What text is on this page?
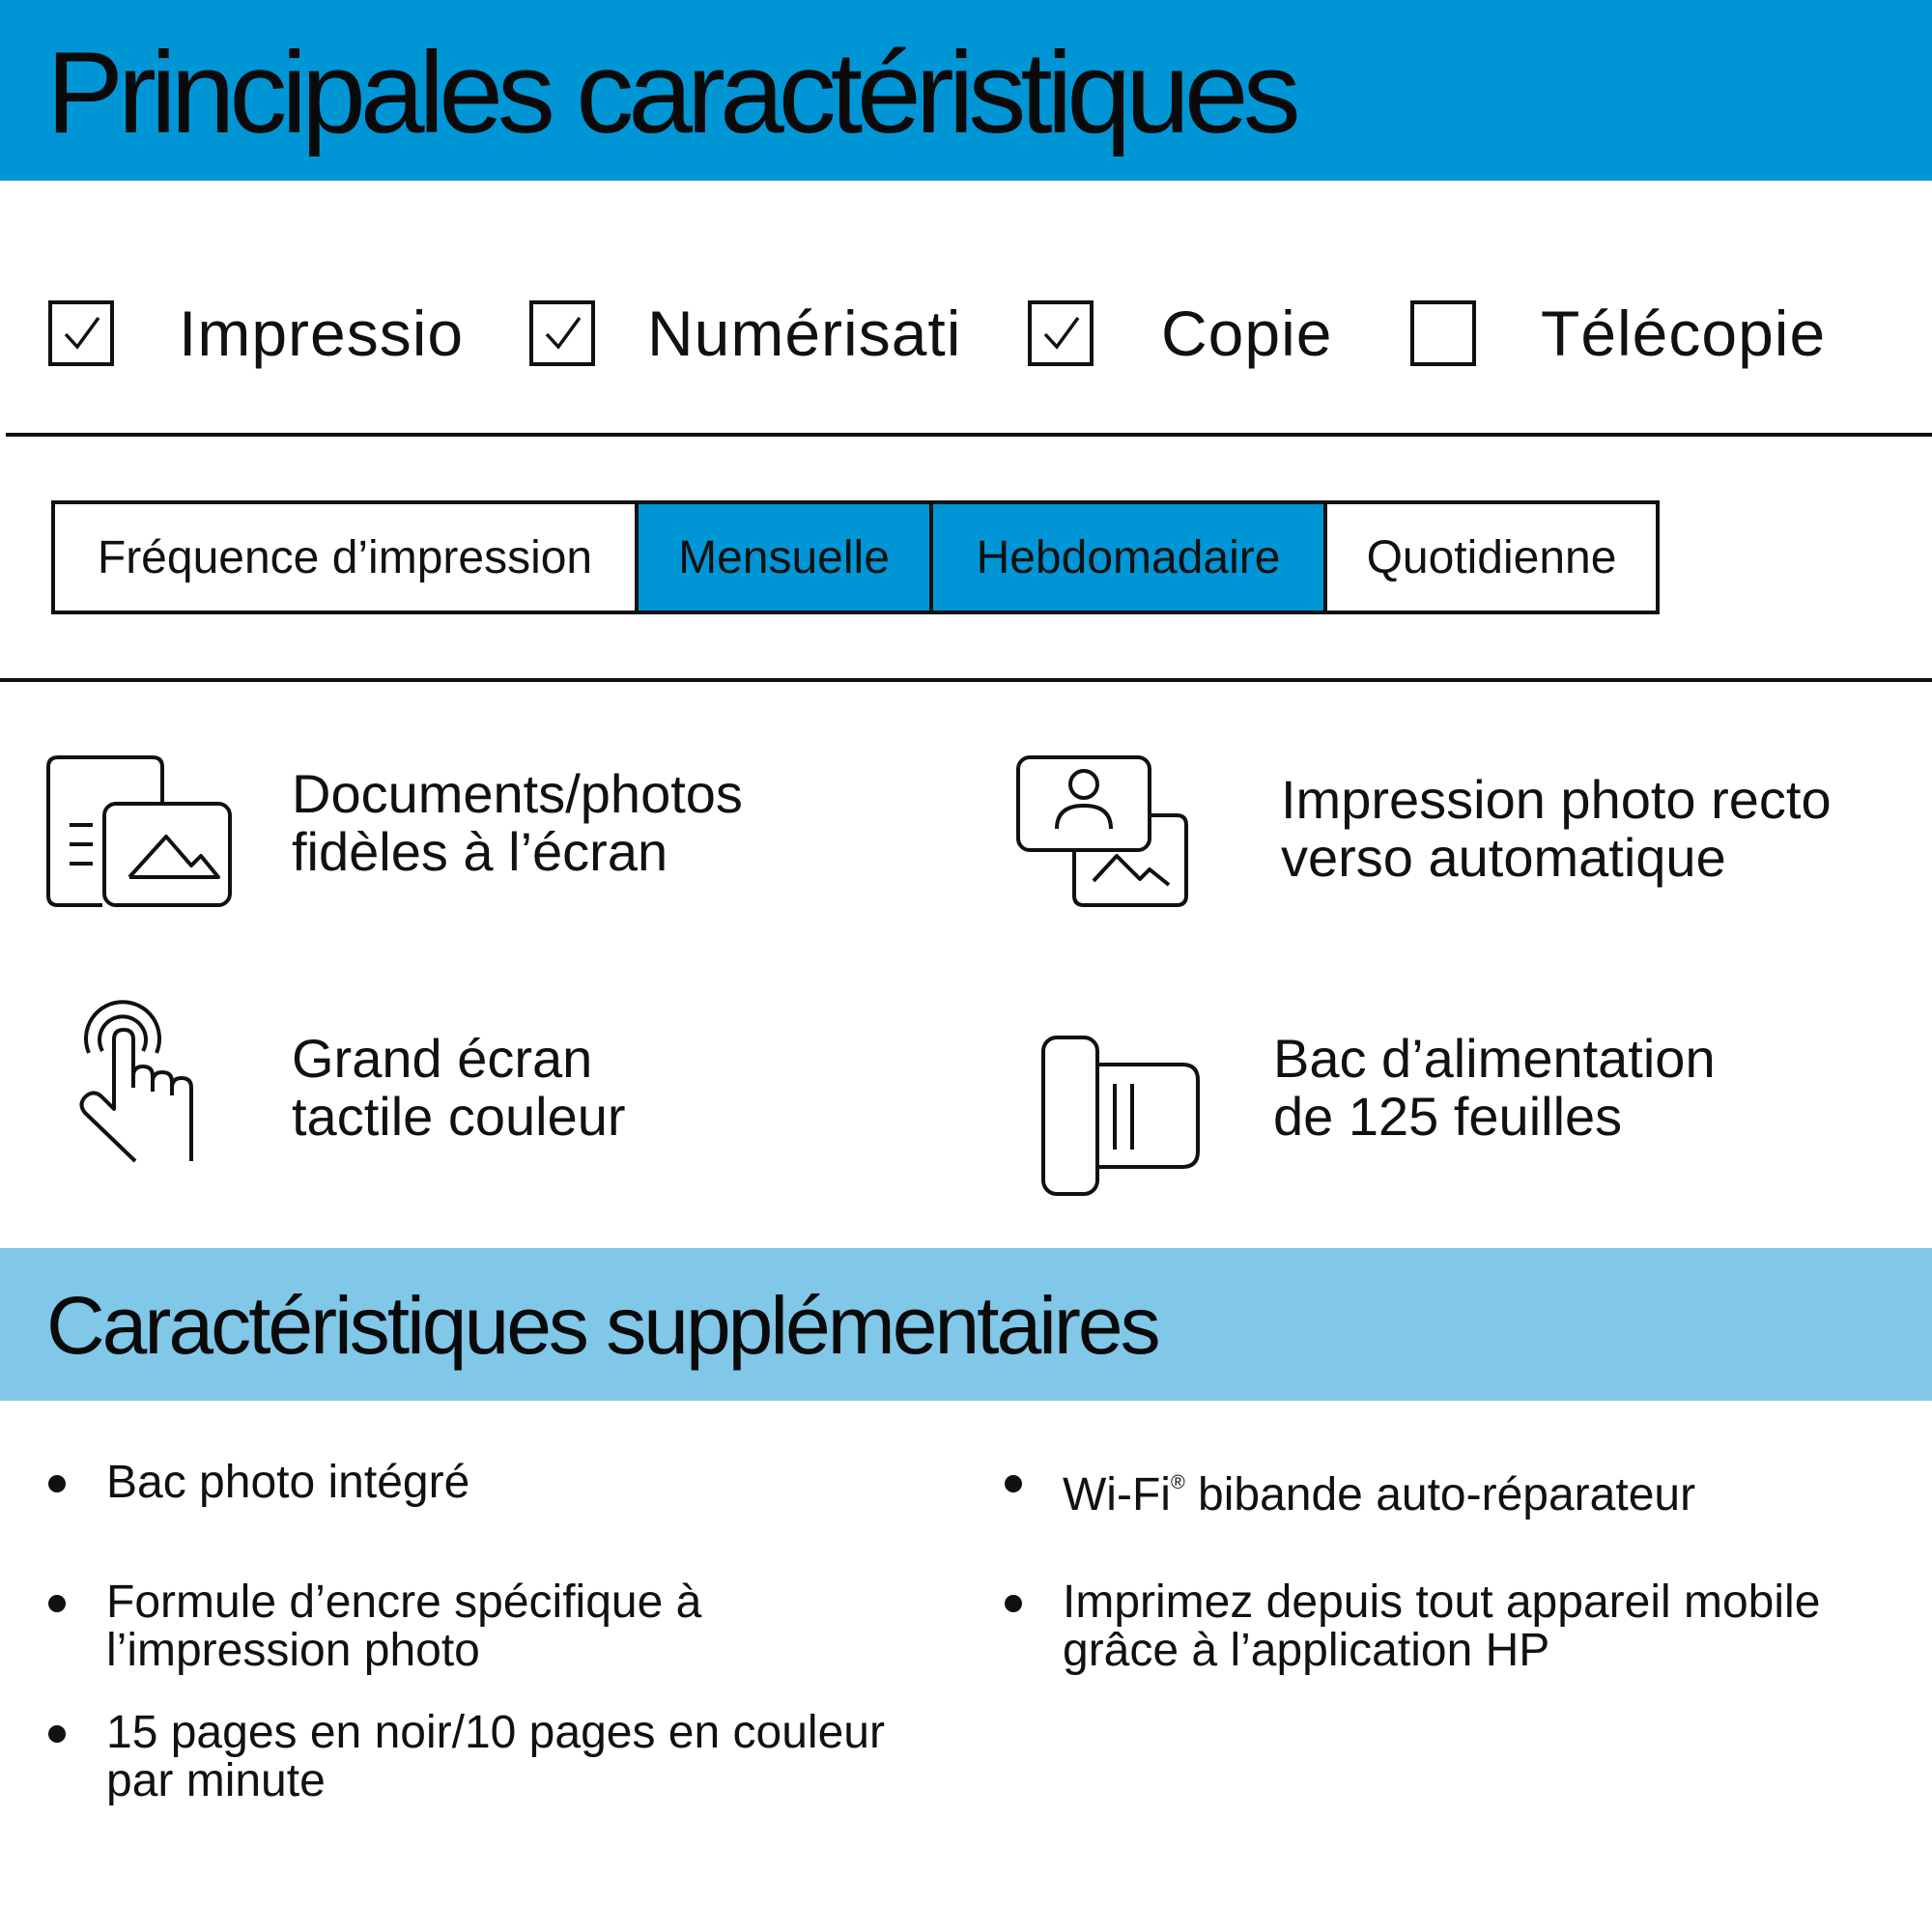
Principales caractéristiques
Impressio	Numérisati	Copie	Télécopie
Fréquence d’impression	Mensuelle	Hebdomadaire	Quotidienne
Documents/photos
fidèles à l’écran
Impression photo recto
verso automatique
Grand écran
tactile couleur
Bac d’alimentation
de 125 feuilles
Caractéristiques supplémentaires
Bac photo intégré
Formule d’encre spécifique à
l’impression photo
15 pages en noir/10 pages en couleur
par minute
Wi-Fi® bibande auto-réparateur
Imprimez depuis tout appareil mobile
grâce à l’application HP
